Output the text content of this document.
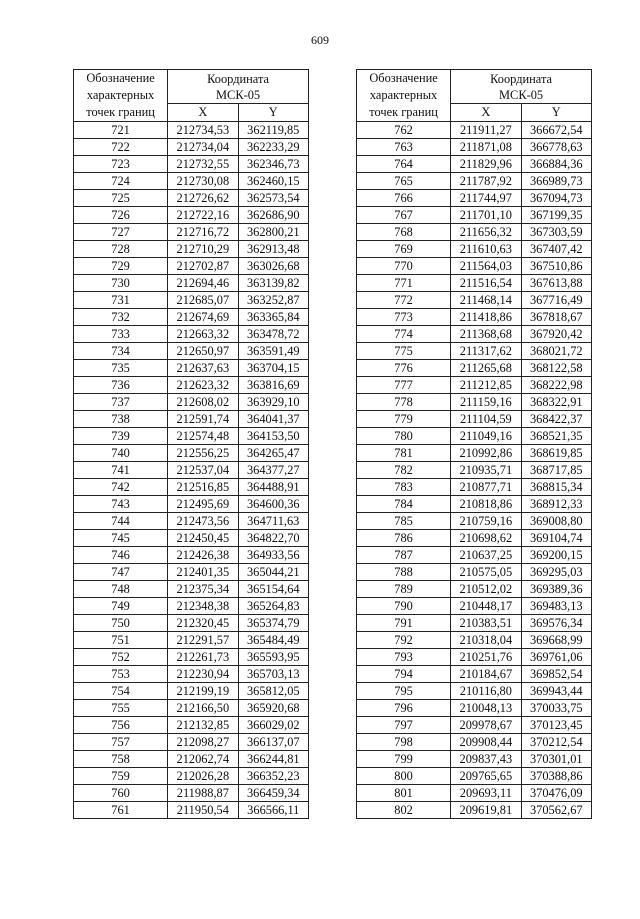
609
Обозначение
характерных
точек границ	Координата
МСК-05	
	X	Y
721	212734,53	362119,85
722	212734,04	362233,29
723	212732,55	362346,73
724	212730,08	362460,15
725	212726,62	362573,54
726	212722,16	362686,90
727	212716,72	362800,21
728	212710,29	362913,48
729	212702,87	363026,68
730	212694,46	363139,82
731	212685,07	363252,87
732	212674,69	363365,84
733	212663,32	363478,72
734	212650,97	363591,49
735	212637,63	363704,15
736	212623,32	363816,69
737	212608,02	363929,10
738	212591,74	364041,37
739	212574,48	364153,50
740	212556,25	364265,47
741	212537,04	364377,27
742	212516,85	364488,91
743	212495,69	364600,36
744	212473,56	364711,63
745	212450,45	364822,70
746	212426,38	364933,56
747	212401,35	365044,21
748	212375,34	365154,64
749	212348,38	365264,83
750	212320,45	365374,79
751	212291,57	365484,49
752	212261,73	365593,95
753	212230,94	365703,13
754	212199,19	365812,05
755	212166,50	365920,68
756	212132,85	366029,02
757	212098,27	366137,07
758	212062,74	366244,81
759	212026,28	366352,23
760	211988,87	366459,34
761	211950,54	366566,11
Обозначение
характерных
точек границ	Координата
МСК-05	
	X	Y
762	211911,27	366672,54
763	211871,08	366778,63
764	211829,96	366884,36
765	211787,92	366989,73
766	211744,97	367094,73
767	211701,10	367199,35
768	211656,32	367303,59
769	211610,63	367407,42
770	211564,03	367510,86
771	211516,54	367613,88
772	211468,14	367716,49
773	211418,86	367818,67
774	211368,68	367920,42
775	211317,62	368021,72
776	211265,68	368122,58
777	211212,85	368222,98
778	211159,16	368322,91
779	211104,59	368422,37
780	211049,16	368521,35
781	210992,86	368619,85
782	210935,71	368717,85
783	210877,71	368815,34
784	210818,86	368912,33
785	210759,16	369008,80
786	210698,62	369104,74
787	210637,25	369200,15
788	210575,05	369295,03
789	210512,02	369389,36
790	210448,17	369483,13
791	210383,51	369576,34
792	210318,04	369668,99
793	210251,76	369761,06
794	210184,67	369852,54
795	210116,80	369943,44
796	210048,13	370033,75
797	209978,67	370123,45
798	209908,44	370212,54
799	209837,43	370301,01
800	209765,65	370388,86
801	209693,11	370476,09
802	209619,81	370562,67
